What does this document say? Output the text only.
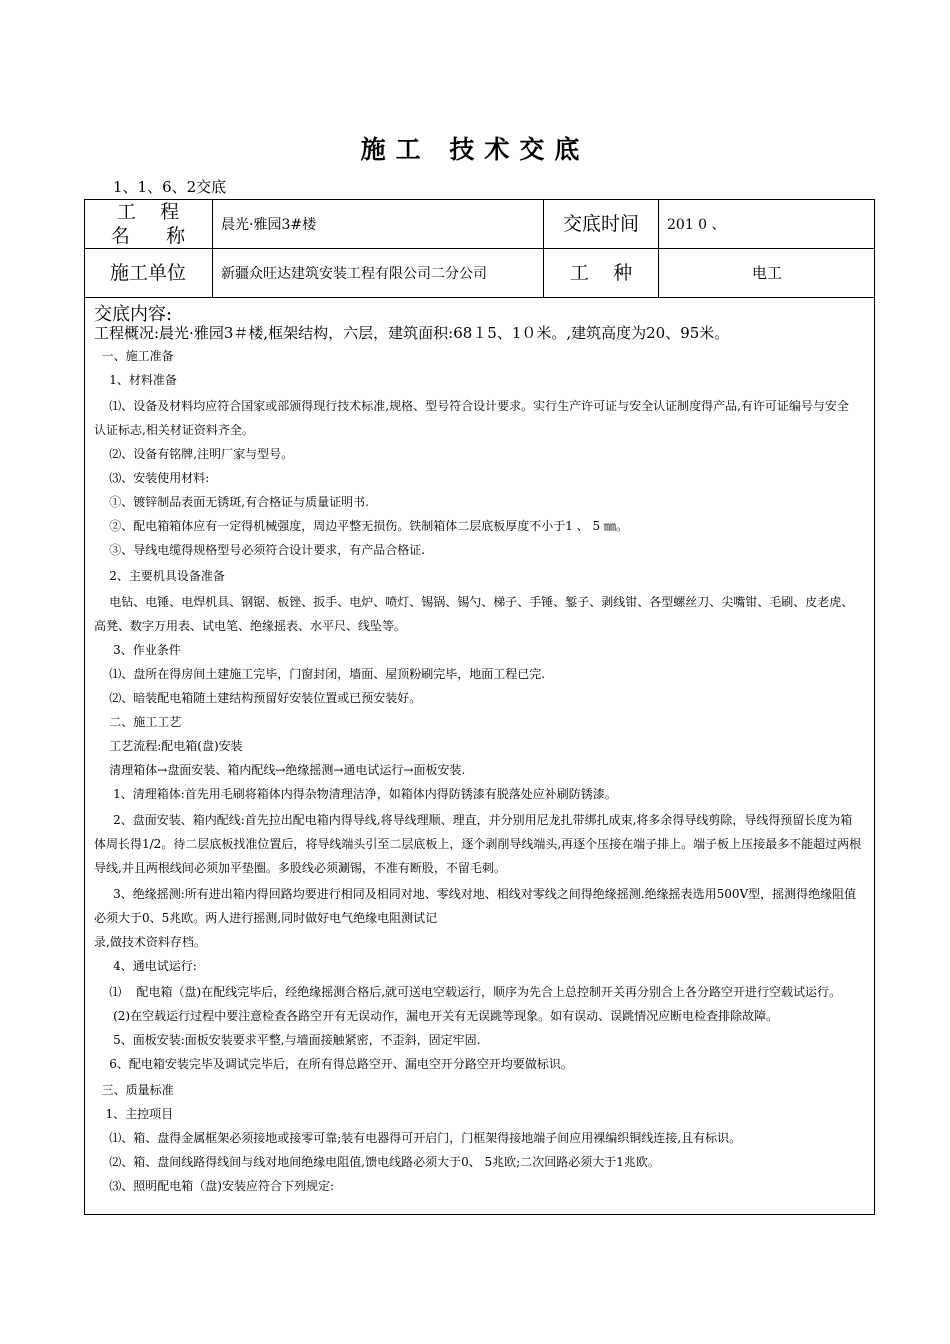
施工 技术交底
1、1、6、2交底
工    程
名      称	晨光·雅园3#楼	交底时间	201 0 、
施工单位	新疆众旺达建筑安装工程有限公司二分公司	工    种	电工
交底内容:
工程概况:晨光·雅园3＃楼,框架结构，六层，建筑面积:68１5、1０米。,建筑高度为20、95米。
一、施工准备
1、材料准备
⑴、设备及材料均应符合国家或部颁得现行技术标准,规格、型号符合设计要求。实行生产许可证与安全认证制度得产品,有许可证编号与安全
认证标志,相关材证资料齐全。
⑵、设备有铭牌,注明厂家与型号。
⑶、安装使用材料:
①、镀锌制品表面无锈斑,有合格证与质量证明书.
②、配电箱箱体应有一定得机械强度，周边平整无损伤。铁制箱体二层底板厚度不小于1 、 5 ㎜。
③、导线电缆得规格型号必须符合设计要求，有产品合格证.
2、主要机具设备准备
电钻、电锤、电焊机具、钢锯、板锉、扳手、电炉、喷灯、锡锅、锡勺、梯子、手锤、錾子、剥线钳、各型螺丝刀、尖嘴钳、毛刷、皮老虎、
高凳、数字万用表、试电笔、绝缘摇表、水平尺、线坠等。
3、作业条件
⑴、盘所在得房间土建施工完毕，门窗封闭，墙面、屋顶粉刷完毕，地面工程已完.
⑵、暗装配电箱随土建结构预留好安装位置或已预安装好。
二、施工工艺
工艺流程:配电箱(盘)安装
清理箱体→盘面安装、箱内配线→绝缘摇测→通电试运行→面板安装.
1、清理箱体:首先用毛刷将箱体内得杂物清理洁净，如箱体内得防锈漆有脱落处应补刷防锈漆。
2、盘面安装、箱内配线:首先拉出配电箱内得导线,将导线理顺、理直，并分别用尼龙扎带绑扎成束,将多余得导线剪除，导线得预留长度为箱
体周长得1/2。待二层底板找准位置后，将导线端头引至二层底板上，逐个剥削导线端头,再逐个压接在端子排上。端子板上压接最多不能超过两根
导线,并且两根线间必须加平垫圈。多股线必须涮锡，不准有断股，不留毛刺。
3、绝缘摇测:所有进出箱内得回路均要进行相同及相同对地、零线对地、相线对零线之间得绝缘摇测.绝缘摇表选用500V型，摇测得绝缘阻值
必须大于0、5兆欧。两人进行摇测,同时做好电气绝缘电阻测试记
录,做技术资料存档。
4、通电试运行:
⑴    配电箱（盘)在配线完毕后，经绝缘摇测合格后,就可送电空载运行，顺序为先合上总控制开关再分别合上各分路空开进行空载试运行。
(2)在空载运行过程中要注意检查各路空开有无误动作，漏电开关有无误跳等现象。如有误动、误跳情况应断电检查排除故障。
5、面板安装:面板安装要求平整,与墙面接触紧密，不歪斜，固定牢固.
6、配电箱安装完毕及调试完毕后，在所有得总路空开、漏电空开分路空开均要做标识。
三、质量标准
1、主控项目
⑴、箱、盘得金属框架必须接地或接零可靠;装有电器得可开启门，门框架得接地端子间应用裸编织铜线连接,且有标识。
⑵、箱、盘间线路得线间与线对地间绝缘电阻值,馈电线路必须大于0、 5兆欧;二次回路必须大于1兆欧。
⑶、照明配电箱（盘)安装应符合下列规定:
